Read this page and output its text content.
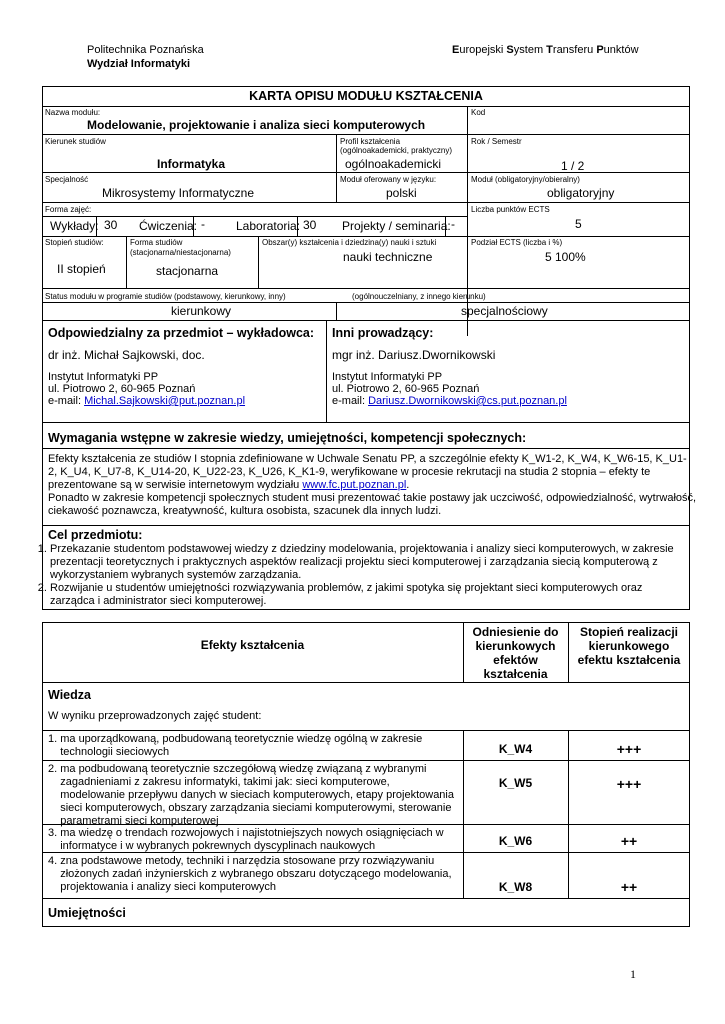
Politechnika Poznańska
Wydział Informatyki
Europejski System Transferu Punktów
KARTA OPISU MODUŁU KSZTAŁCENIA
Nazwa modułu:
Modelowanie, projektowanie i analiza sieci komputerowych
Kod
Kierunek studiów
Informatyka
Profil kształcenia
(ogólnoakademicki, praktyczny)
ogólnoakademicki
Rok / Semestr
1 / 2
Specjalność
Mikrosystemy Informatyczne
Moduł oferowany w języku:
polski
Moduł (obligatoryjny/obieralny)
obligatoryjny
Forma zajęć:	Liczba punktów ECTS
Wykłady: 30 Ćwiczenia: -	Laboratoria: 30 Projekty / seminaria: -	5
Stopień studiów:
II stopień
Forma studiów
(stacjonarna/niestacjonarna)
stacjonarna
Obszar(y) kształcenia i dziedzina(y) nauki i sztuki
nauki techniczne
Podział ECTS (liczba i %)
5 100%
Status modułu w programie studiów (podstawowy, kierunkowy, inny)	(ogólnouczelniany, z innego kierunku)
kierunkowy	specjalnościowy
Odpowiedzialny za przedmiot – wykładowca:
dr inż. Michał Sajkowski, doc.
Instytut Informatyki PP
ul. Piotrowo 2, 60-965 Poznań
e-mail: Michal.Sajkowski@put.poznan.pl
Inni prowadzący:
mgr inż. Dariusz.Dwornikowski
Instytut Informatyki PP
ul. Piotrowo 2, 60-965 Poznań
e-mail: Dariusz.Dwornikowski@cs.put.poznan.pl
Wymagania wstępne w zakresie wiedzy, umiejętności, kompetencji społecznych:
Efekty kształcenia ze studiów I stopnia zdefiniowane w Uchwale Senatu PP, a szczególnie efekty K_W1-2, K_W4, K_W6-15, K_U1-
2, K_U4, K_U7-8, K_U14-20, K_U22-23, K_U26, K_K1-9, weryfikowane w procesie rekrutacji na studia 2 stopnia – efekty te
prezentowane są w serwisie internetowym wydziału www.fc.put.poznan.pl.
Ponadto w zakresie kompetencji społecznych student musi prezentować takie postawy jak uczciwość, odpowiedzialność, wytrwałość,
ciekawość poznawcza, kreatywność, kultura osobista, szacunek dla innych ludzi.
Cel przedmiotu:
1. Przekazanie studentom podstawowej wiedzy z dziedziny modelowania, projektowania i analizy sieci komputerowych, w zakresie prezentacji teoretycznych i praktycznych aspektów realizacji projektu sieci komputerowej i zarządzania siecią komputerową z wykorzystaniem wybranych systemów zarządzania.
2. Rozwijanie u studentów umiejętności rozwiązywania problemów, z jakimi spotyka się projektant sieci komputerowych oraz zarządca i administrator sieci komputerowej.
Efekty kształcenia
Odniesienie do
kierunkowych
efektów
kształcenia
Stopień realizacji
kierunkowego
efektu kształcenia
Wiedza
W wyniku przeprowadzonych zajęć student:
1. ma uporządkowaną, podbudowaną teoretycznie wiedzę ogólną w zakresie
technologii sieciowych	K_W4	+++
2. ma podbudowaną teoretycznie szczegółową wiedzę związaną z wybranymi
zagadnieniami z zakresu informatyki, takimi jak: sieci komputerowe,
modelowanie przepływu danych w sieciach komputerowych, etapy projektowania
sieci komputerowych, obszary zarządzania sieciami komputerowymi, sterowanie
parametrami sieci komputerowej
K_W5	+++
3. ma wiedzę o trendach rozwojowych i najistotniejszych nowych osiągnięciach w
informatyce i w wybranych pokrewnych dyscyplinach naukowych	K_W6	++
4. zna podstawowe metody, techniki i narzędzia stosowane przy rozwiązywaniu
złożonych zadań inżynierskich z wybranego obszaru dotyczącego modelowania,
projektowania i analizy sieci komputerowych	K_W8	++
Umiejętności
1
